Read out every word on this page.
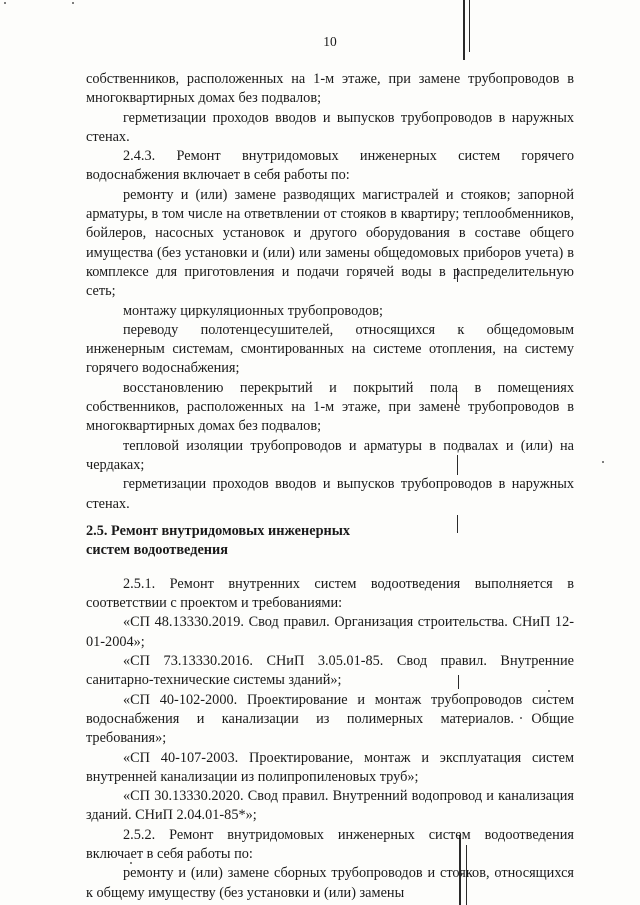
10

собственников, расположенных на 1-м этаже, при замене трубопроводов в многоквартирных домах без подвалов;

герметизации проходов вводов и выпусков трубопроводов в наружных стенах.

2.4.3. Ремонт внутридомовых инженерных систем горячего водоснабжения включает в себя работы по:

ремонту и (или) замене разводящих магистралей и стояков; запорной арматуры, в том числе на ответвлении от стояков в квартиру; теплообменников, бойлеров, насосных установок и другого оборудования в составе общего имущества (без установки и (или) или замены общедомовых приборов учета) в комплексе для приготовления и подачи горячей воды в распределительную сеть;

монтажу циркуляционных трубопроводов;

переводу полотенцесушителей, относящихся к общедомовым инженерным системам, смонтированных на системе отопления, на систему горячего водоснабжения;

восстановлению перекрытий и покрытий пола в помещениях собственников, расположенных на 1-м этаже, при замене трубопроводов в многоквартирных домах без подвалов;

тепловой изоляции трубопроводов и арматуры в подвалах и (или) на чердаках;

герметизации проходов вводов и выпусков трубопроводов в наружных стенах.

2.5. Ремонт внутридомовых инженерных
систем водоотведения

2.5.1. Ремонт внутренних систем водоотведения выполняется в соответствии с проектом и требованиями:

«СП 48.13330.2019. Свод правил. Организация строительства. СНиП 12-01-2004»;

«СП 73.13330.2016. СНиП 3.05.01-85. Свод правил. Внутренние санитарно-технические системы зданий»;

«СП 40-102-2000. Проектирование и монтаж трубопроводов систем водоснабжения и канализации из полимерных материалов. Общие требования»;

«СП 40-107-2003. Проектирование, монтаж и эксплуатация систем внутренней канализации из полипропиленовых труб»;

«СП 30.13330.2020. Свод правил. Внутренний водопровод и канализация зданий. СНиП 2.04.01-85*»;

2.5.2. Ремонт внутридомовых инженерных систем водоотведения включает в себя работы по:

ремонту и (или) замене сборных трубопроводов и стояков, относящихся к общему имуществу (без установки и (или) замены
